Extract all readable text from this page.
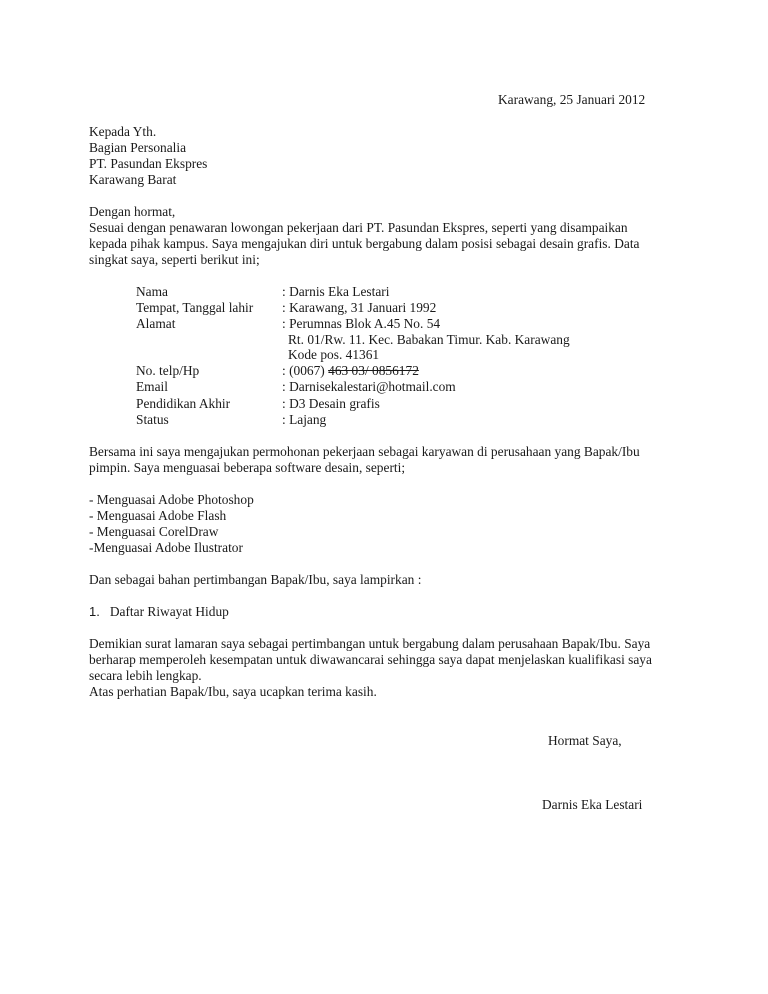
Karawang, 25 Januari 2012
Kepada Yth.
Bagian Personalia
PT. Pasundan Ekspres
Karawang Barat
Dengan hormat,
Sesuai dengan penawaran lowongan pekerjaan dari PT. Pasundan Ekspres, seperti yang disampaikan
kepada pihak kampus. Saya mengajukan diri untuk bergabung dalam posisi sebagai desain grafis. Data
singkat saya, seperti berikut ini;
Nama	: Darnis Eka Lestari
Tempat, Tanggal lahir : Karawang, 31 Januari 1992
Alamat	: Perumnas Blok A.45 No. 54
Rt. 01/Rw. 11. Kec. Babakan Timur. Kab. Karawang
Kode pos. 41361
No. telp/Hp	: (0067) 463 03/ 0856172
Email	: Darnisekalestari@hotmail.com
Pendidikan Akhir	: D3 Desain grafis
Status	: Lajang
Bersama ini saya mengajukan permohonan pekerjaan sebagai karyawan di perusahaan yang Bapak/Ibu
pimpin. Saya menguasai beberapa software desain, seperti;
- Menguasai Adobe Photoshop
- Menguasai Adobe Flash
- Menguasai CorelDraw
-Menguasai Adobe Ilustrator
Dan sebagai bahan pertimbangan Bapak/Ibu, saya lampirkan :
1. Daftar Riwayat Hidup
Demikian surat lamaran saya sebagai pertimbangan untuk bergabung dalam perusahaan Bapak/Ibu. Saya
berharap memperoleh kesempatan untuk diwawancarai sehingga saya dapat menjelaskan kualifikasi saya
secara lebih lengkap.
Atas perhatian Bapak/Ibu, saya ucapkan terima kasih.
Hormat Saya,
Darnis Eka Lestari
